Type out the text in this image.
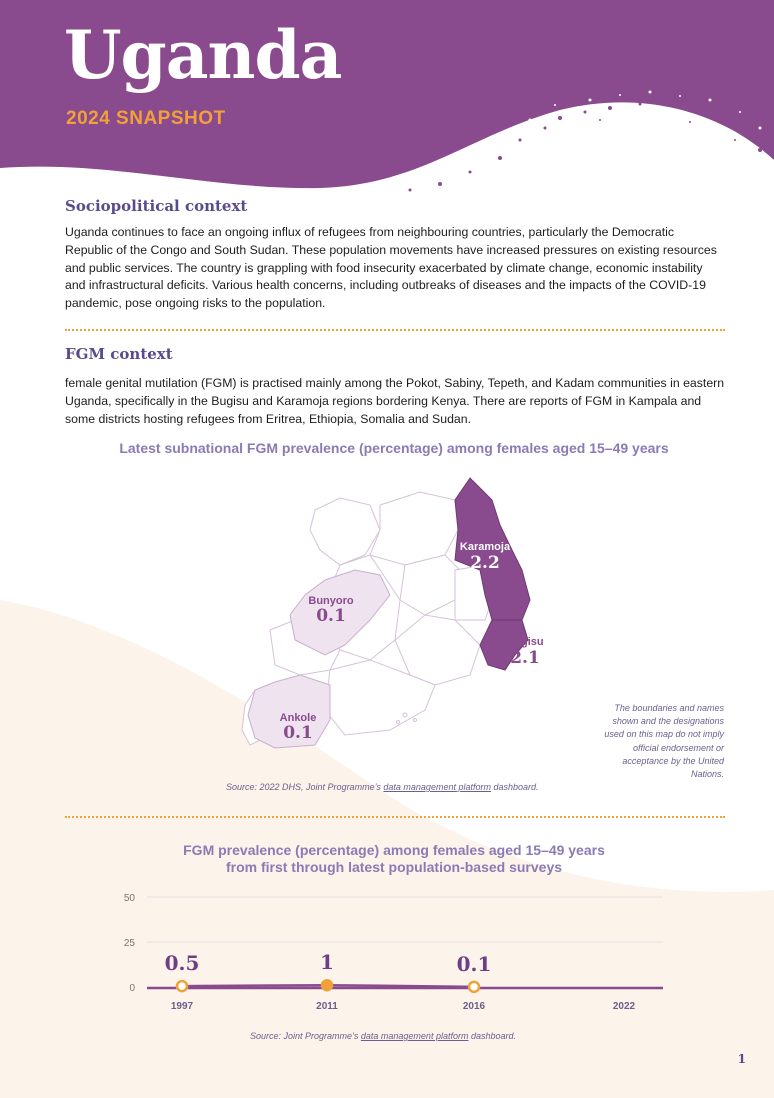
Uganda
2024 SNAPSHOT
Sociopolitical context

Uganda continues to face an ongoing influx of refugees from neighbouring countries, particularly the Democratic Republic of the Congo and South Sudan. These population movements have increased pressures on existing resources and public services. The country is grappling with food insecurity exacerbated by climate change, economic instability and infrastructural deficits. Various health concerns, including outbreaks of diseases and the impacts of the COVID-19 pandemic, pose ongoing risks to the population.

FGM context

female genital mutilation (FGM) is practised mainly among the Pokot, Sabiny, Tepeth, and Kadam communities in eastern Uganda, specifically in the Bugisu and Karamoja regions bordering Kenya. There are reports of FGM in Kampala and some districts hosting refugees from Eritrea, Ethiopia, Somalia and Sudan.

Latest subnational FGM prevalence (percentage) among females aged 15–49 years
Karamoja
2.2
Bunyoro
0.1
Bugisu
2.1
Ankole
0.1
The boundaries and names shown and the designations used on this map do not imply official endorsement or acceptance by the United Nations.
Source: 2022 DHS, Joint Programme’s data management platform dashboard.
FGM prevalence (percentage) among females aged 15–49 years
from first through latest population-based surveys
0
25
50
0.5	1	0.1
1997	2011	2016	2022
Source: Joint Programme’s data management platform dashboard.
1
